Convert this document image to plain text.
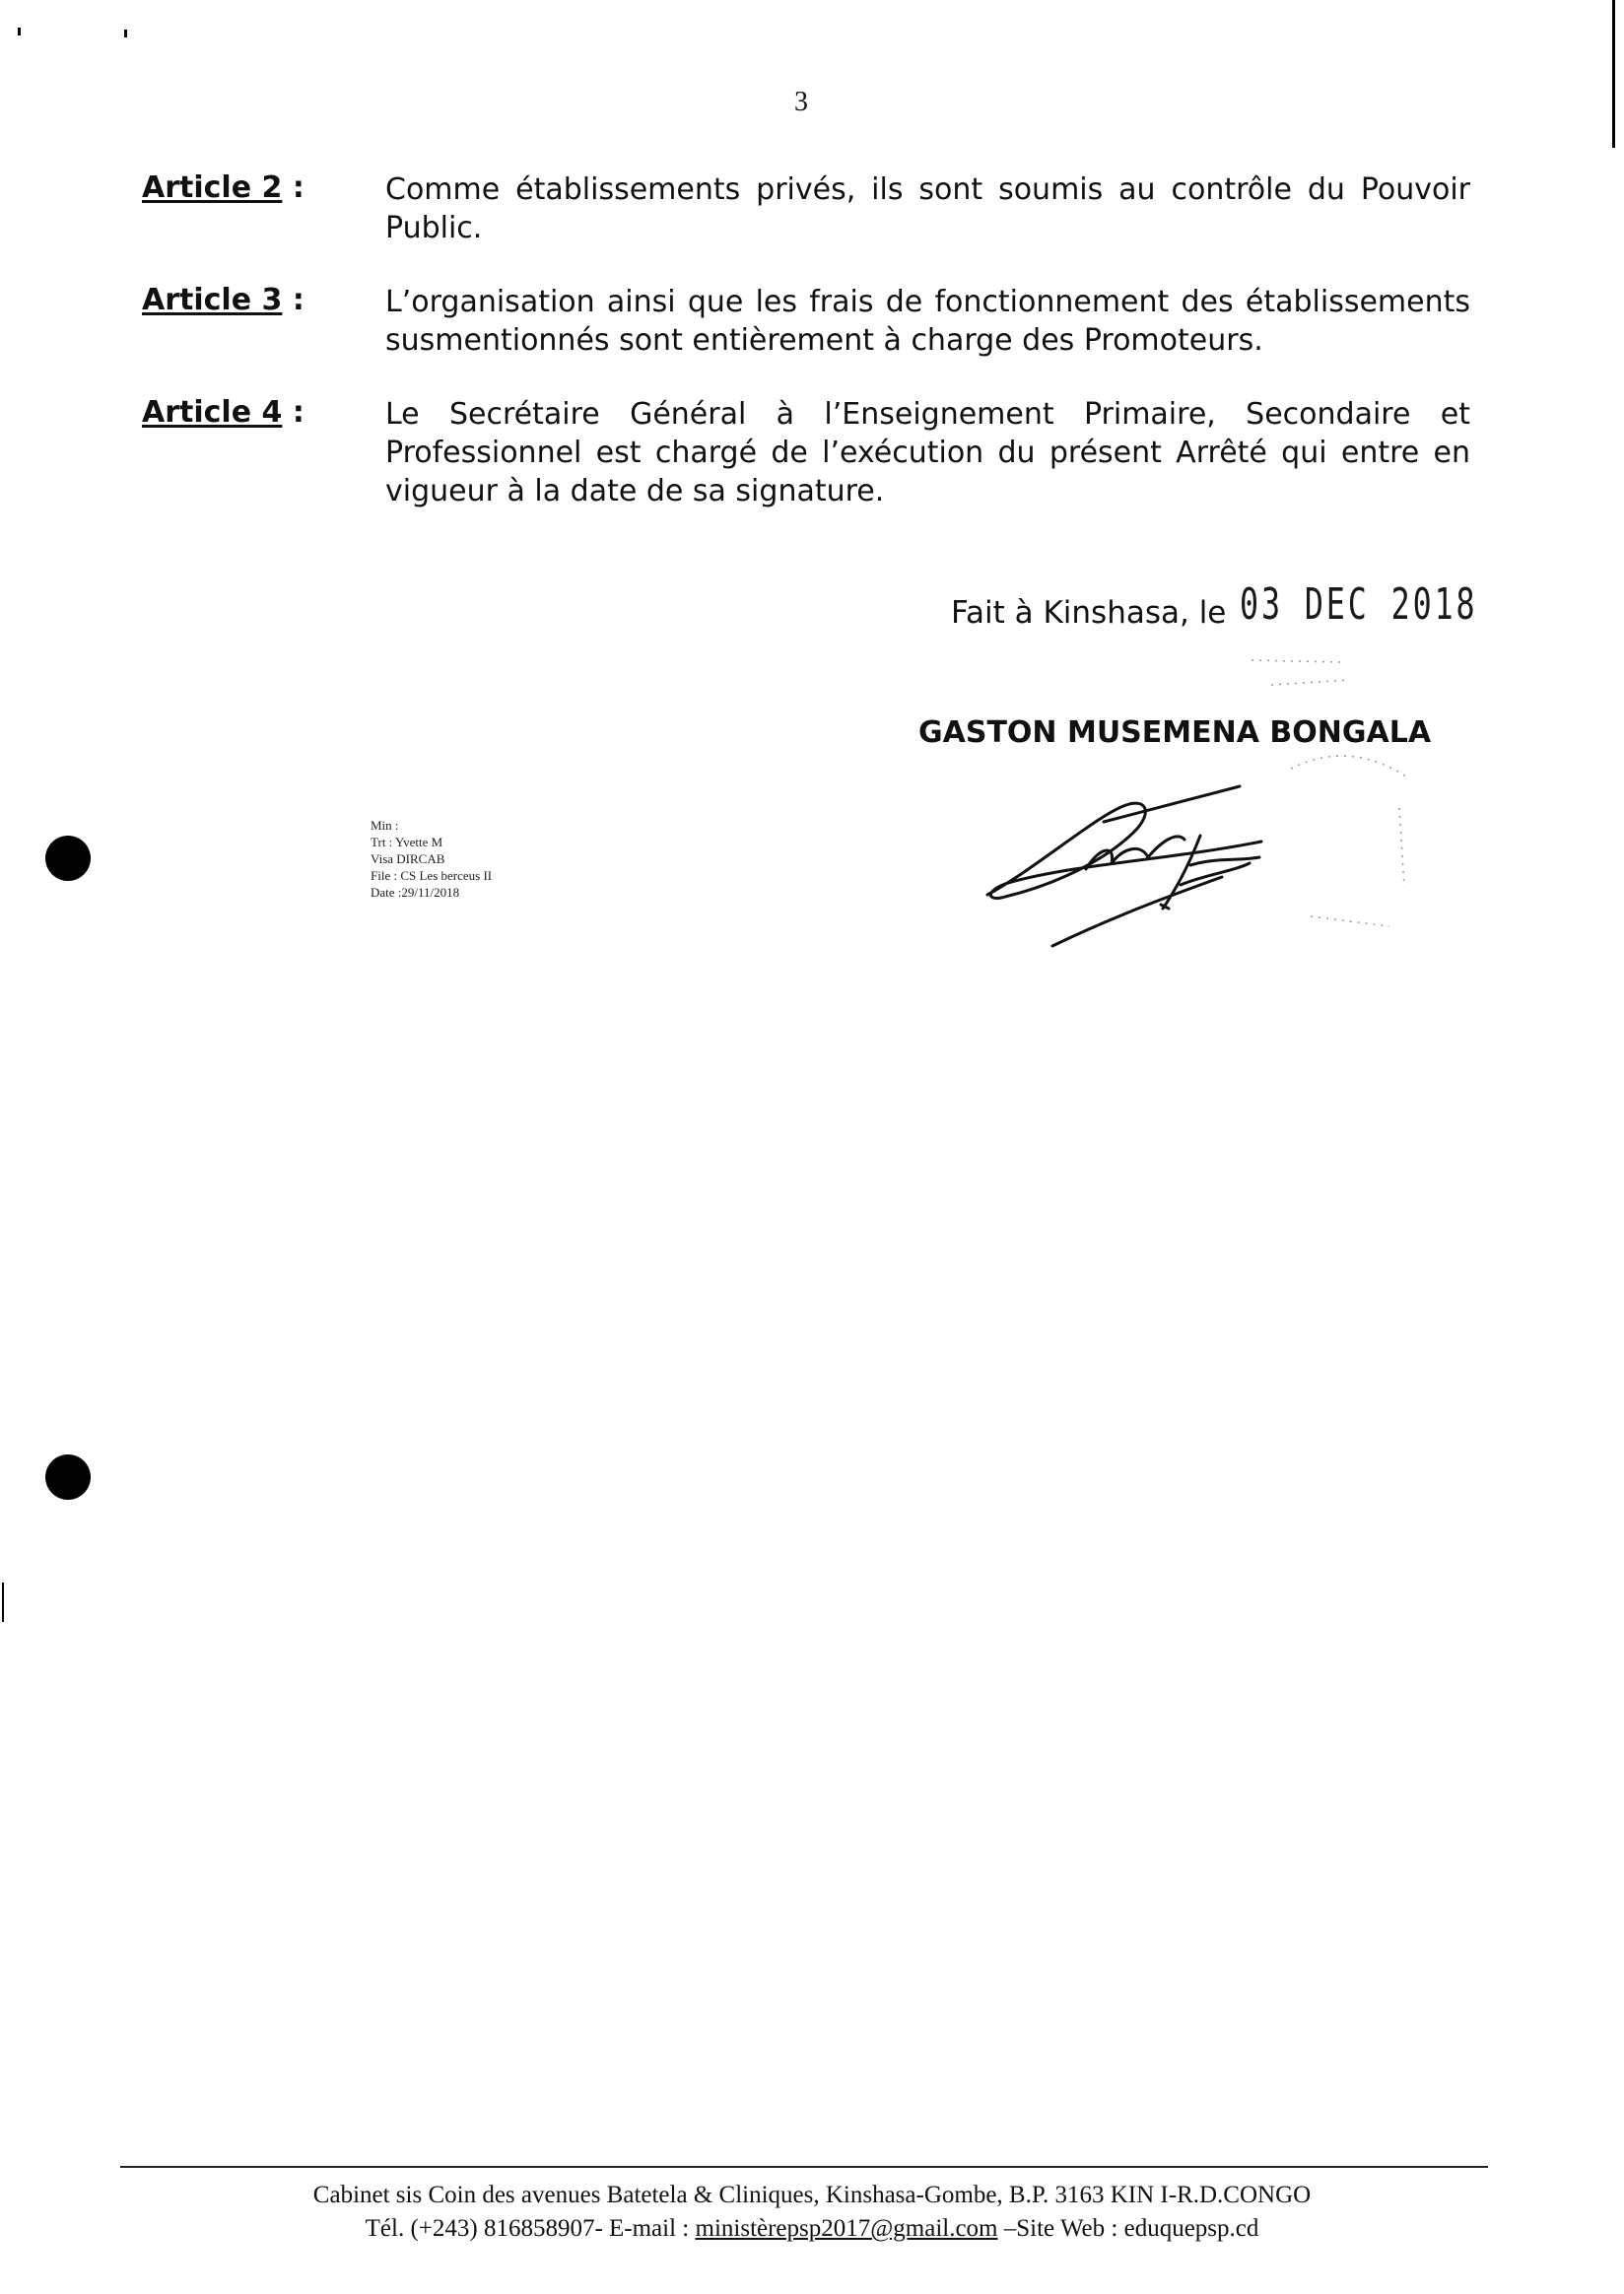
3
Article 2 :	Comme établissements privés, ils sont soumis au contrôle du Pouvoir Public.
Article 3 :	L’organisation ainsi que les frais de fonctionnement des établissements susmentionnés sont entièrement à charge des Promoteurs.
Article 4 :	Le Secrétaire Général à l’Enseignement Primaire, Secondaire et Professionnel est chargé de l’exécution du présent Arrêté qui entre en vigueur à la date de sa signature.
Fait à Kinshasa, le 03 DEC 2018
GASTON MUSEMENA BONGALA
Min :
Trt : Yvette M
Visa DIRCAB
File : CS Les berceus II
Date :29/11/2018
Cabinet sis Coin des avenues Batetela & Cliniques, Kinshasa-Gombe, B.P. 3163 KIN I-R.D.CONGO
Tél. (+243) 816858907- E-mail : ministèrepsp2017@gmail.com –Site Web : eduquepsp.cd
